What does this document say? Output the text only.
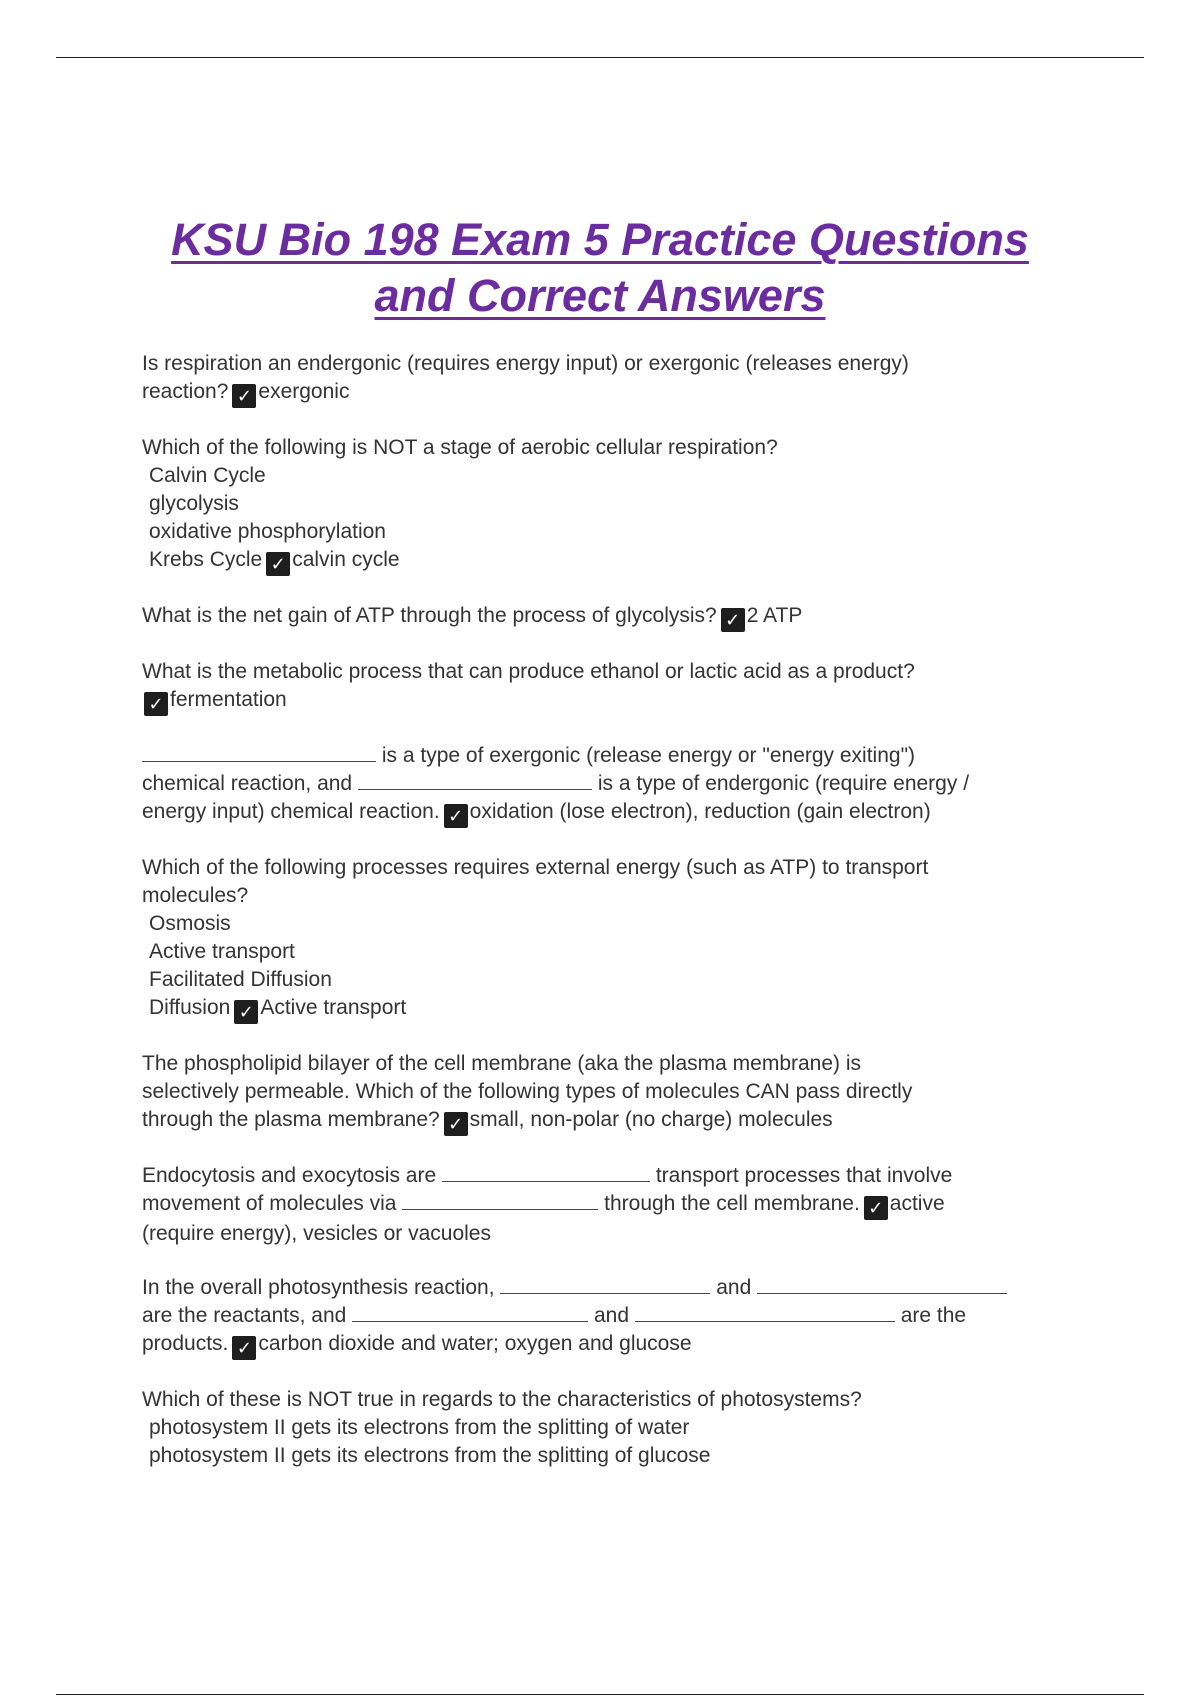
KSU Bio 198 Exam 5 Practice Questions
and Correct Answers

Is respiration an endergonic (requires energy input) or exergonic (releases energy)

reaction? ✓ exergonic

Which of the following is NOT a stage of aerobic cellular respiration?

Calvin Cycle

glycolysis

oxidative phosphorylation

Krebs Cycle ✓ calvin cycle

What is the net gain of ATP through the process of glycolysis? ✓ 2 ATP

What is the metabolic process that can produce ethanol or lactic acid as a product?

✓ fermentation

is a type of exergonic (release energy or "energy exiting")

chemical reaction, and	is a type of endergonic (require energy /

energy input) chemical reaction. ✓ oxidation (lose electron), reduction (gain electron)

Which of the following processes requires external energy (such as ATP) to transport

molecules?

Osmosis

Active transport

Facilitated Diffusion

Diffusion ✓ Active transport

The phospholipid bilayer of the cell membrane (aka the plasma membrane) is

selectively permeable. Which of the following types of molecules CAN pass directly

through the plasma membrane? ✓ small, non-polar (no charge) molecules

Endocytosis and exocytosis are	transport processes that involve

movement of molecules via	through the cell membrane. ✓ active

(require energy), vesicles or vacuoles

In the overall photosynthesis reaction,	and

are the reactants, and	and	are the

products. ✓ carbon dioxide and water; oxygen and glucose

Which of these is NOT true in regards to the characteristics of photosystems?

photosystem II gets its electrons from the splitting of water

photosystem II gets its electrons from the splitting of glucose
